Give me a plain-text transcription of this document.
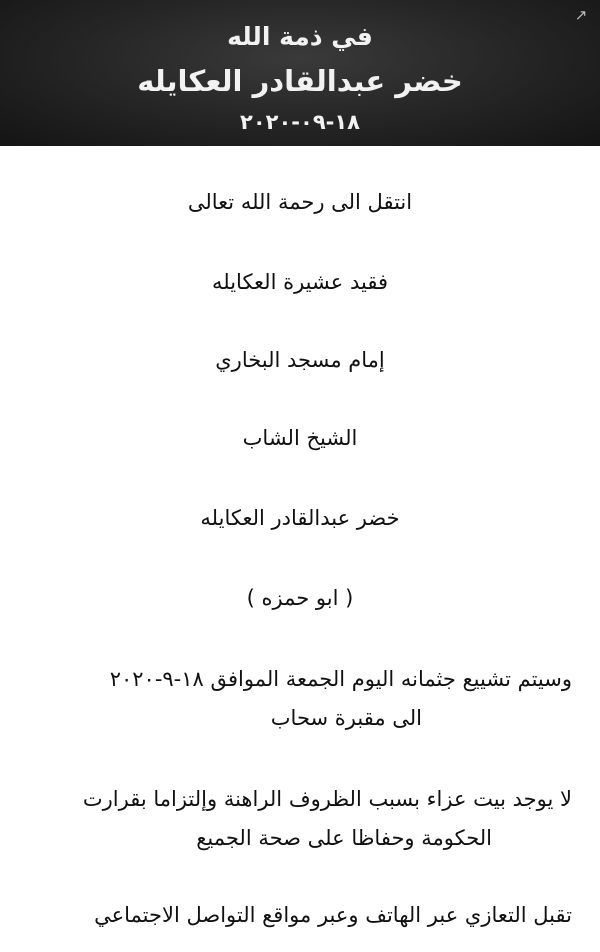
↗
في ذمة الله
خضر عبدالقادر العكايله
١٨-٠٩-٢٠٢٠
انتقل الى رحمة الله تعالى
فقيد عشيرة العكايله
إمام مسجد البخاري
الشيخ الشاب
خضر عبدالقادر العكايله
( ابو حمزه )
وسيتم تشييع جثمانه اليوم الجمعة الموافق ١٨-٩-٢٠٢٠
الى مقبرة سحاب
لا يوجد بيت عزاء بسبب الظروف الراهنة وإلتزاما بقرارت
الحكومة وحفاظا على صحة الجميع
تقبل التعازي عبر الهاتف وعبر مواقع التواصل الاجتماعي
